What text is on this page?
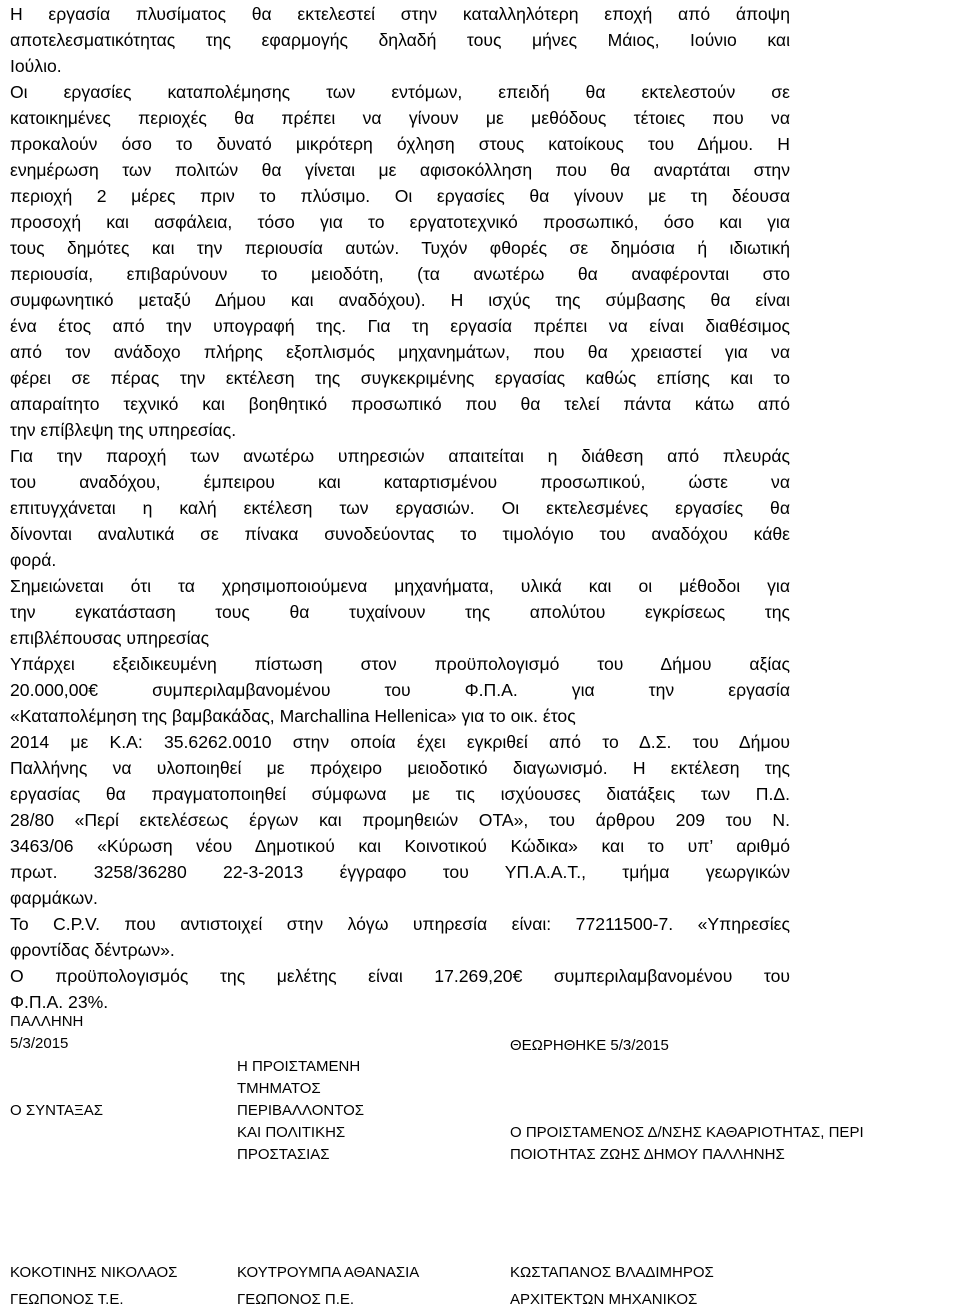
Η εργασία πλυσίματος θα εκτελεστεί στην καταλληλότερη εποχή από άποψη
αποτελεσματικότητας της εφαρμογής δηλαδή τους μήνες Μάιος, Ιούνιο και
Ιούλιο.
Οι εργασίες καταπολέμησης των εντόμων, επειδή θα εκτελεστούν σε
κατοικημένες περιοχές θα πρέπει να γίνουν με μεθόδους τέτοιες που να
προκαλούν όσο το δυνατό μικρότερη όχληση στους κατοίκους του Δήμου. Η
ενημέρωση των πολιτών θα γίνεται με αφισοκόλληση που θα αναρτάται στην
περιοχή 2 μέρες πριν το πλύσιμο. Οι εργασίες θα γίνουν με τη δέουσα
προσοχή και ασφάλεια, τόσο για το εργατοτεχνικό προσωπικό, όσο και για
τους δημότες και την περιουσία αυτών. Τυχόν φθορές σε δημόσια ή ιδιωτική
περιουσία, επιβαρύνουν το μειοδότη, (τα ανωτέρω θα αναφέρονται στο
συμφωνητικό μεταξύ Δήμου και αναδόχου). Η ισχύς της σύμβασης θα είναι
ένα έτος από την υπογραφή της. Για τη εργασία πρέπει να είναι διαθέσιμος
από τον ανάδοχο πλήρης εξοπλισμός μηχανημάτων, που θα χρειαστεί για να
φέρει σε πέρας την εκτέλεση της συγκεκριμένης εργασίας καθώς επίσης και το
απαραίτητο τεχνικό και βοηθητικό προσωπικό που θα τελεί πάντα κάτω από
την επίβλεψη της υπηρεσίας.
Για την παροχή των ανωτέρω υπηρεσιών απαιτείται η διάθεση από πλευράς
του αναδόχου, έμπειρου και καταρτισμένου προσωπικού, ώστε να
επιτυγχάνεται η καλή εκτέλεση των εργασιών. Οι εκτελεσμένες εργασίες θα
δίνονται αναλυτικά σε πίνακα συνοδεύοντας το τιμολόγιο του αναδόχου κάθε
φορά.
Σημειώνεται ότι τα χρησιμοποιούμενα μηχανήματα, υλικά και οι μέθοδοι για
την εγκατάσταση τους θα τυχαίνουν της απολύτου εγκρίσεως της
επιβλέπουσας υπηρεσίας
Υπάρχει εξειδικευμένη πίστωση στον προϋπολογισμό του Δήμου αξίας
20.000,00€ συμπεριλαμβανομένου του Φ.Π.Α. για την εργασία
«Καταπολέμηση της βαμβακάδας, Marchallina Hellenica» για το οικ. έτος
2014 με Κ.Α: 35.6262.0010 στην οποία έχει εγκριθεί από το Δ.Σ. του Δήμου
Παλλήνης να υλοποιηθεί με πρόχειρο μειοδοτικό διαγωνισμό. Η εκτέλεση της
εργασίας θα πραγματοποιηθεί σύμφωνα με τις ισχύουσες διατάξεις των Π.Δ.
28/80 «Περί εκτελέσεως έργων και προμηθειών ΟΤΑ», του άρθρου 209 του Ν.
3463/06 «Κύρωση νέου Δημοτικού και Κοινοτικού Κώδικα» και το υπ’ αριθμό
πρωτ. 3258/36280 22-3-2013 έγγραφο του ΥΠ.Α.Α.Τ., τμήμα γεωργικών
φαρμάκων.
Το C.P.V. που αντιστοιχεί στην λόγω υπηρεσία είναι: 77211500-7. «Υπηρεσίες
φροντίδας δέντρων».
Ο προϋπολογισμός της μελέτης είναι 17.269,20€ συμπεριλαμβανομένου του
Φ.Π.Α. 23%.
ΠΑΛΛΗΝΗ
5/3/2015	ΘΕΩΡΗΘΗΚΕ 5/3/2015
Η ΠΡΟΙΣΤΑΜΕΝΗ
ΤΜΗΜΑΤΟΣ
ΠΕΡΙΒΑΛΛΟΝΤΟΣ
ΚΑΙ ΠΟΛΙΤΙΚΗΣ
ΠΡΟΣΤΑΣΙΑΣ
Ο ΣΥΝΤΑΞΑΣ
Ο ΠΡΟΙΣΤΑΜΕΝΟΣ Δ/ΝΣΗΣ ΚΑΘΑΡΙΟΤΗΤΑΣ, ΠΕΡΙ
ΠΟΙΟΤΗΤΑΣ ΖΩΗΣ ΔΗΜΟΥ ΠΑΛΛΗΝΗΣ
ΚΟΚΟΤΙΝΗΣ ΝΙΚΟΛΑΟΣ
ΓΕΩΠΟΝΟΣ Τ.Ε.
ΚΟΥΤΡΟΥΜΠΑ ΑΘΑΝΑΣΙΑ
ΓΕΩΠΟΝΟΣ Π.Ε.
ΚΩΣΤΑΠΑΝΟΣ ΒΛΑΔΙΜΗΡΟΣ
ΑΡΧΙΤΕΚΤΩΝ ΜΗΧΑΝΙΚΟΣ
